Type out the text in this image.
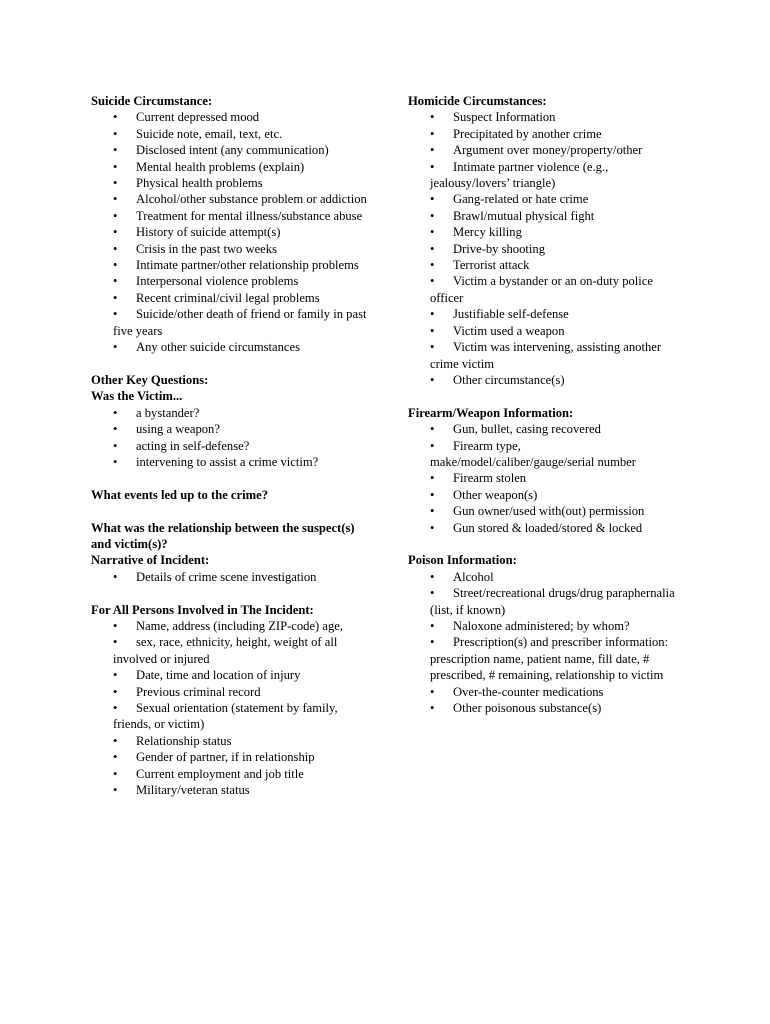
Suicide Circumstance:

• Current depressed mood
• Suicide note, email, text, etc.
• Disclosed intent (any communication)
• Mental health problems (explain)
• Physical health problems
• Alcohol/other substance problem or addiction
• Treatment for mental illness/substance abuse
• History of suicide attempt(s)
• Crisis in the past two weeks
• Intimate partner/other relationship problems
• Interpersonal violence problems
• Recent criminal/civil legal problems
• Suicide/other death of friend or family in past five years
• Any other suicide circumstances

Other Key Questions:

Was the Victim...

• a bystander?
• using a weapon?
• acting in self-defense?
• intervening to assist a crime victim?

What events led up to the crime?

What was the relationship between the suspect(s) and victim(s)?

Narrative of Incident:

• Details of crime scene investigation

For All Persons Involved in The Incident:

• Name, address (including ZIP-code) age,
• sex, race, ethnicity, height, weight of all involved or injured
• Date, time and location of injury
• Previous criminal record
• Sexual orientation (statement by family, friends, or victim)
• Relationship status
• Gender of partner, if in relationship
• Current employment and job title
• Military/veteran status

Homicide Circumstances:

• Suspect Information
• Precipitated by another crime
• Argument over money/property/other
• Intimate partner violence (e.g., jealousy/lovers’ triangle)
• Gang-related or hate crime
• Brawl/mutual physical fight
• Mercy killing
• Drive-by shooting
• Terrorist attack
• Victim a bystander or an on-duty police officer
• Justifiable self-defense
• Victim used a weapon
• Victim was intervening, assisting another crime victim
• Other circumstance(s)

Firearm/Weapon Information:

• Gun, bullet, casing recovered
• Firearm type, make/model/caliber/gauge/serial number
• Firearm stolen
• Other weapon(s)
• Gun owner/used with(out) permission
• Gun stored & loaded/stored & locked

Poison Information:

• Alcohol
• Street/recreational drugs/drug paraphernalia (list, if known)
• Naloxone administered; by whom?
• Prescription(s) and prescriber information: prescription name, patient name, fill date, # prescribed, # remaining, relationship to victim
• Over-the-counter medications
• Other poisonous substance(s)
